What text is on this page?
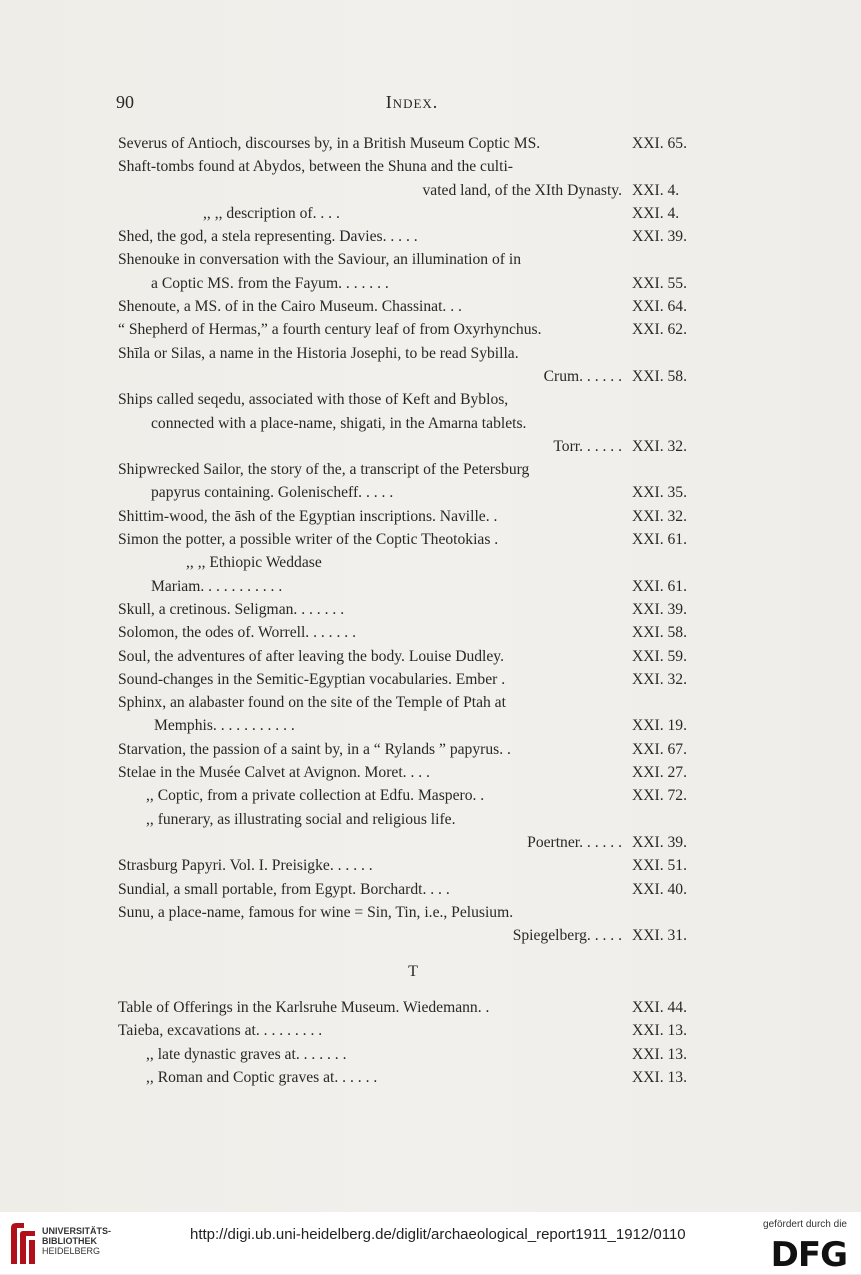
90	Index.
Severus of Antioch, discourses by, in a British Museum Coptic MS.	XXI. 65.
Shaft-tombs found at Abydos, between the Shuna and the culti-
vated land, of the XIth Dynasty. XXI. 4.
,, ,, description of. . . .	XXI. 4.
Shed, the god, a stela representing. Davies. . . . .	XXI. 39.
Shenouke in conversation with the Saviour, an illumination of in
a Coptic MS. from the Fayum. . . . . . .	XXI. 55.
Shenoute, a MS. of in the Cairo Museum. Chassinat. . .	XXI. 64.
“ Shepherd of Hermas,” a fourth century leaf of from Oxyrhynchus.	XXI. 62.
Shīla or Silas, a name in the Historia Josephi, to be read Sybilla.
Crum. . . . . . XXI. 58.
Ships called seqedu, associated with those of Keft and Byblos,
connected with a place-name, shigati, in the Amarna tablets.
Torr. . . . . . XXI. 32.
Shipwrecked Sailor, the story of the, a transcript of the Petersburg
papyrus containing. Golenischeff. . . . .	XXI. 35.
Shittim-wood, the āsh of the Egyptian inscriptions. Naville. .	XXI. 32.
Simon the potter, a possible writer of the Coptic Theotokias .	XXI. 61.
,, ,, Ethiopic Weddase
Mariam. . . . . . . . . . .	XXI. 61.
Skull, a cretinous. Seligman. . . . . . .	XXI. 39.
Solomon, the odes of. Worrell. . . . . . .	XXI. 58.
Soul, the adventures of after leaving the body. Louise Dudley.	XXI. 59.
Sound-changes in the Semitic-Egyptian vocabularies. Ember .	XXI. 32.
Sphinx, an alabaster found on the site of the Temple of Ptah at
Memphis. . . . . . . . . . .	XXI. 19.
Starvation, the passion of a saint by, in a “ Rylands ” papyrus. .	XXI. 67.
Stelae in the Musée Calvet at Avignon. Moret. . . .	XXI. 27.
,, Coptic, from a private collection at Edfu. Maspero. .	XXI. 72.
,, funerary, as illustrating social and religious life.
Poertner. . . . . . XXI. 39.
Strasburg Papyri. Vol. I. Preisigke. . . . . .	XXI. 51.
Sundial, a small portable, from Egypt. Borchardt. . . .	XXI. 40.
Sunu, a place-name, famous for wine = Sin, Tin, i.e., Pelusium.
Spiegelberg. . . . . XXI. 31.
T
Table of Offerings in the Karlsruhe Museum. Wiedemann. .	XXI. 44.
Taieba, excavations at. . . . . . . . .	XXI. 13.
,, late dynastic graves at. . . . . . .	XXI. 13.
,, Roman and Coptic graves at. . . . . .	XXI. 13.
UNIVERSITÄTS-
BIBLIOTHEK
HEIDELBERG
http://digi.ub.uni-heidelberg.de/diglit/archaeological_report1911_1912/0110
gefördert durch die
DFG
